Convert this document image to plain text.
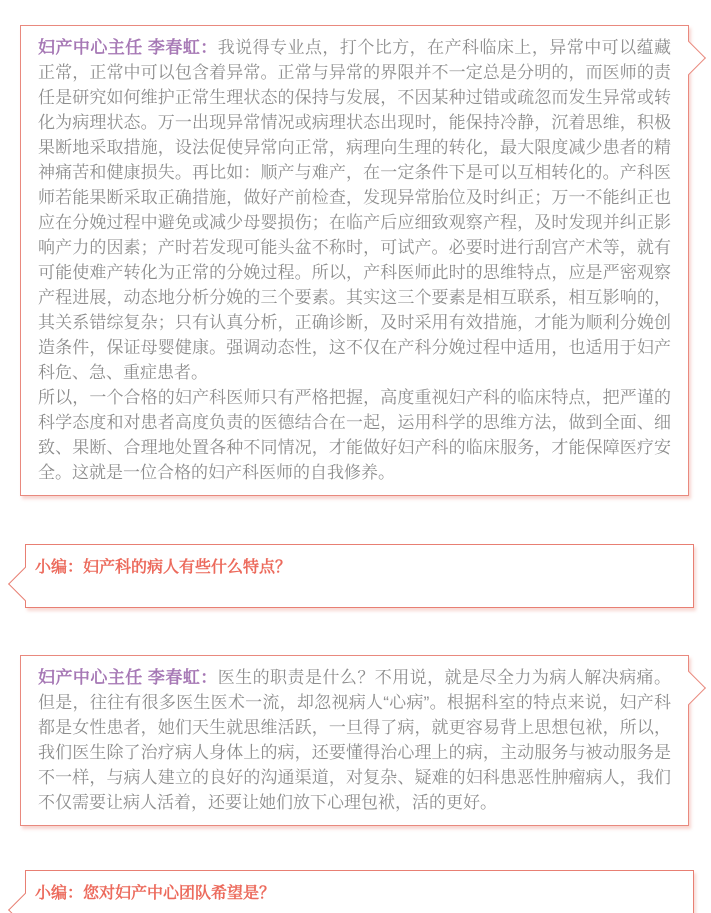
妇产中心主任 李春虹：我说得专业点，打个比方，在产科临床上，异常中可以蕴藏正常，正常中可以包含着异常。正常与异常的界限并不一定总是分明的，而医师的责任是研究如何维护正常生理状态的保持与发展，不因某种过错或疏忽而发生异常或转化为病理状态。万一出现异常情况或病理状态出现时，能保持冷静，沉着思维，积极果断地采取措施，设法促使异常向正常，病理向生理的转化，最大限度减少患者的精神痛苦和健康损失。再比如：顺产与难产，在一定条件下是可以互相转化的。产科医师若能果断采取正确措施，做好产前检查，发现异常胎位及时纠正；万一不能纠正也应在分娩过程中避免或减少母婴损伤；在临产后应细致观察产程，及时发现并纠正影响产力的因素；产时若发现可能头盆不称时，可试产。必要时进行刮宫产术等，就有可能使难产转化为正常的分娩过程。所以，产科医师此时的思维特点，应是严密观察产程进展，动态地分析分娩的三个要素。其实这三个要素是相互联系，相互影响的，其关系错综复杂；只有认真分析，正确诊断，及时采用有效措施，才能为顺利分娩创造条件，保证母婴健康。强调动态性，这不仅在产科分娩过程中适用，也适用于妇产科危、急、重症患者。

所以，一个合格的妇产科医师只有严格把握，高度重视妇产科的临床特点，把严谨的科学态度和对患者高度负责的医德结合在一起，运用科学的思维方法，做到全面、细致、果断、合理地处置各种不同情况，才能做好妇产科的临床服务，才能保障医疗安全。这就是一位合格的妇产科医师的自我修养。

小编：妇产科的病人有些什么特点？

妇产中心主任 李春虹：医生的职责是什么？不用说，就是尽全力为病人解决病痛。但是，往往有很多医生医术一流，却忽视病人“心病”。根据科室的特点来说，妇产科都是女性患者，她们天生就思维活跃，一旦得了病，就更容易背上思想包袱，所以，我们医生除了治疗病人身体上的病，还要懂得治心理上的病，主动服务与被动服务是不一样，与病人建立的良好的沟通渠道，对复杂、疑难的妇科患恶性肿瘤病人，我们不仅需要让病人活着，还要让她们放下心理包袱，活的更好。

小编：您对妇产中心团队希望是？
